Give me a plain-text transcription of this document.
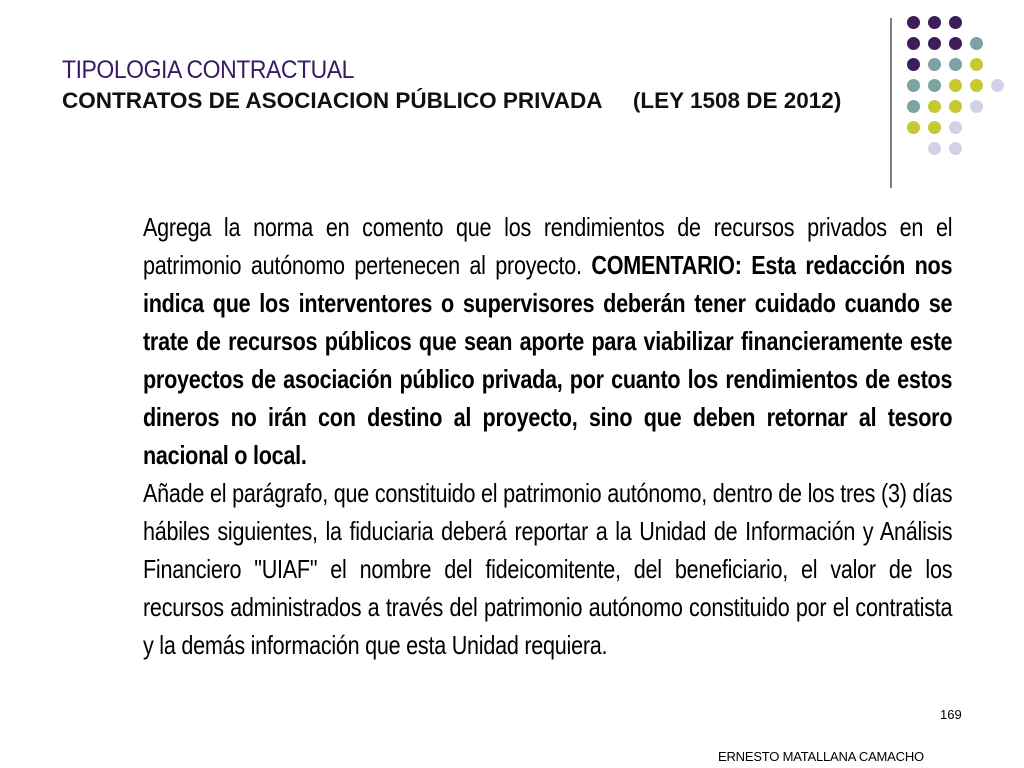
TIPOLOGIA CONTRACTUAL
CONTRATOS DE ASOCIACION PÚBLICO PRIVADA     (LEY 1508 DE 2012)

Agrega la norma en comento que los rendimientos de recursos privados en el patrimonio autónomo pertenecen al proyecto. COMENTARIO: Esta redacción nos indica que los interventores o supervisores deberán tener cuidado cuando se trate de recursos públicos que sean aporte para viabilizar financieramente este proyectos de asociación público privada, por cuanto los rendimientos de estos dineros no irán con destino al proyecto, sino que deben retornar al tesoro nacional o local.

Añade el parágrafo, que constituido el patrimonio autónomo, dentro de los tres (3) días hábiles siguientes, la fiduciaria deberá reportar a la Unidad de Información y Análisis Financiero "UIAF" el nombre del fideicomitente, del beneficiario, el valor de los recursos administrados a través del patrimonio autónomo constituido por el contratista y la demás información que esta Unidad requiera.

169
ERNESTO MATALLANA CAMACHO
